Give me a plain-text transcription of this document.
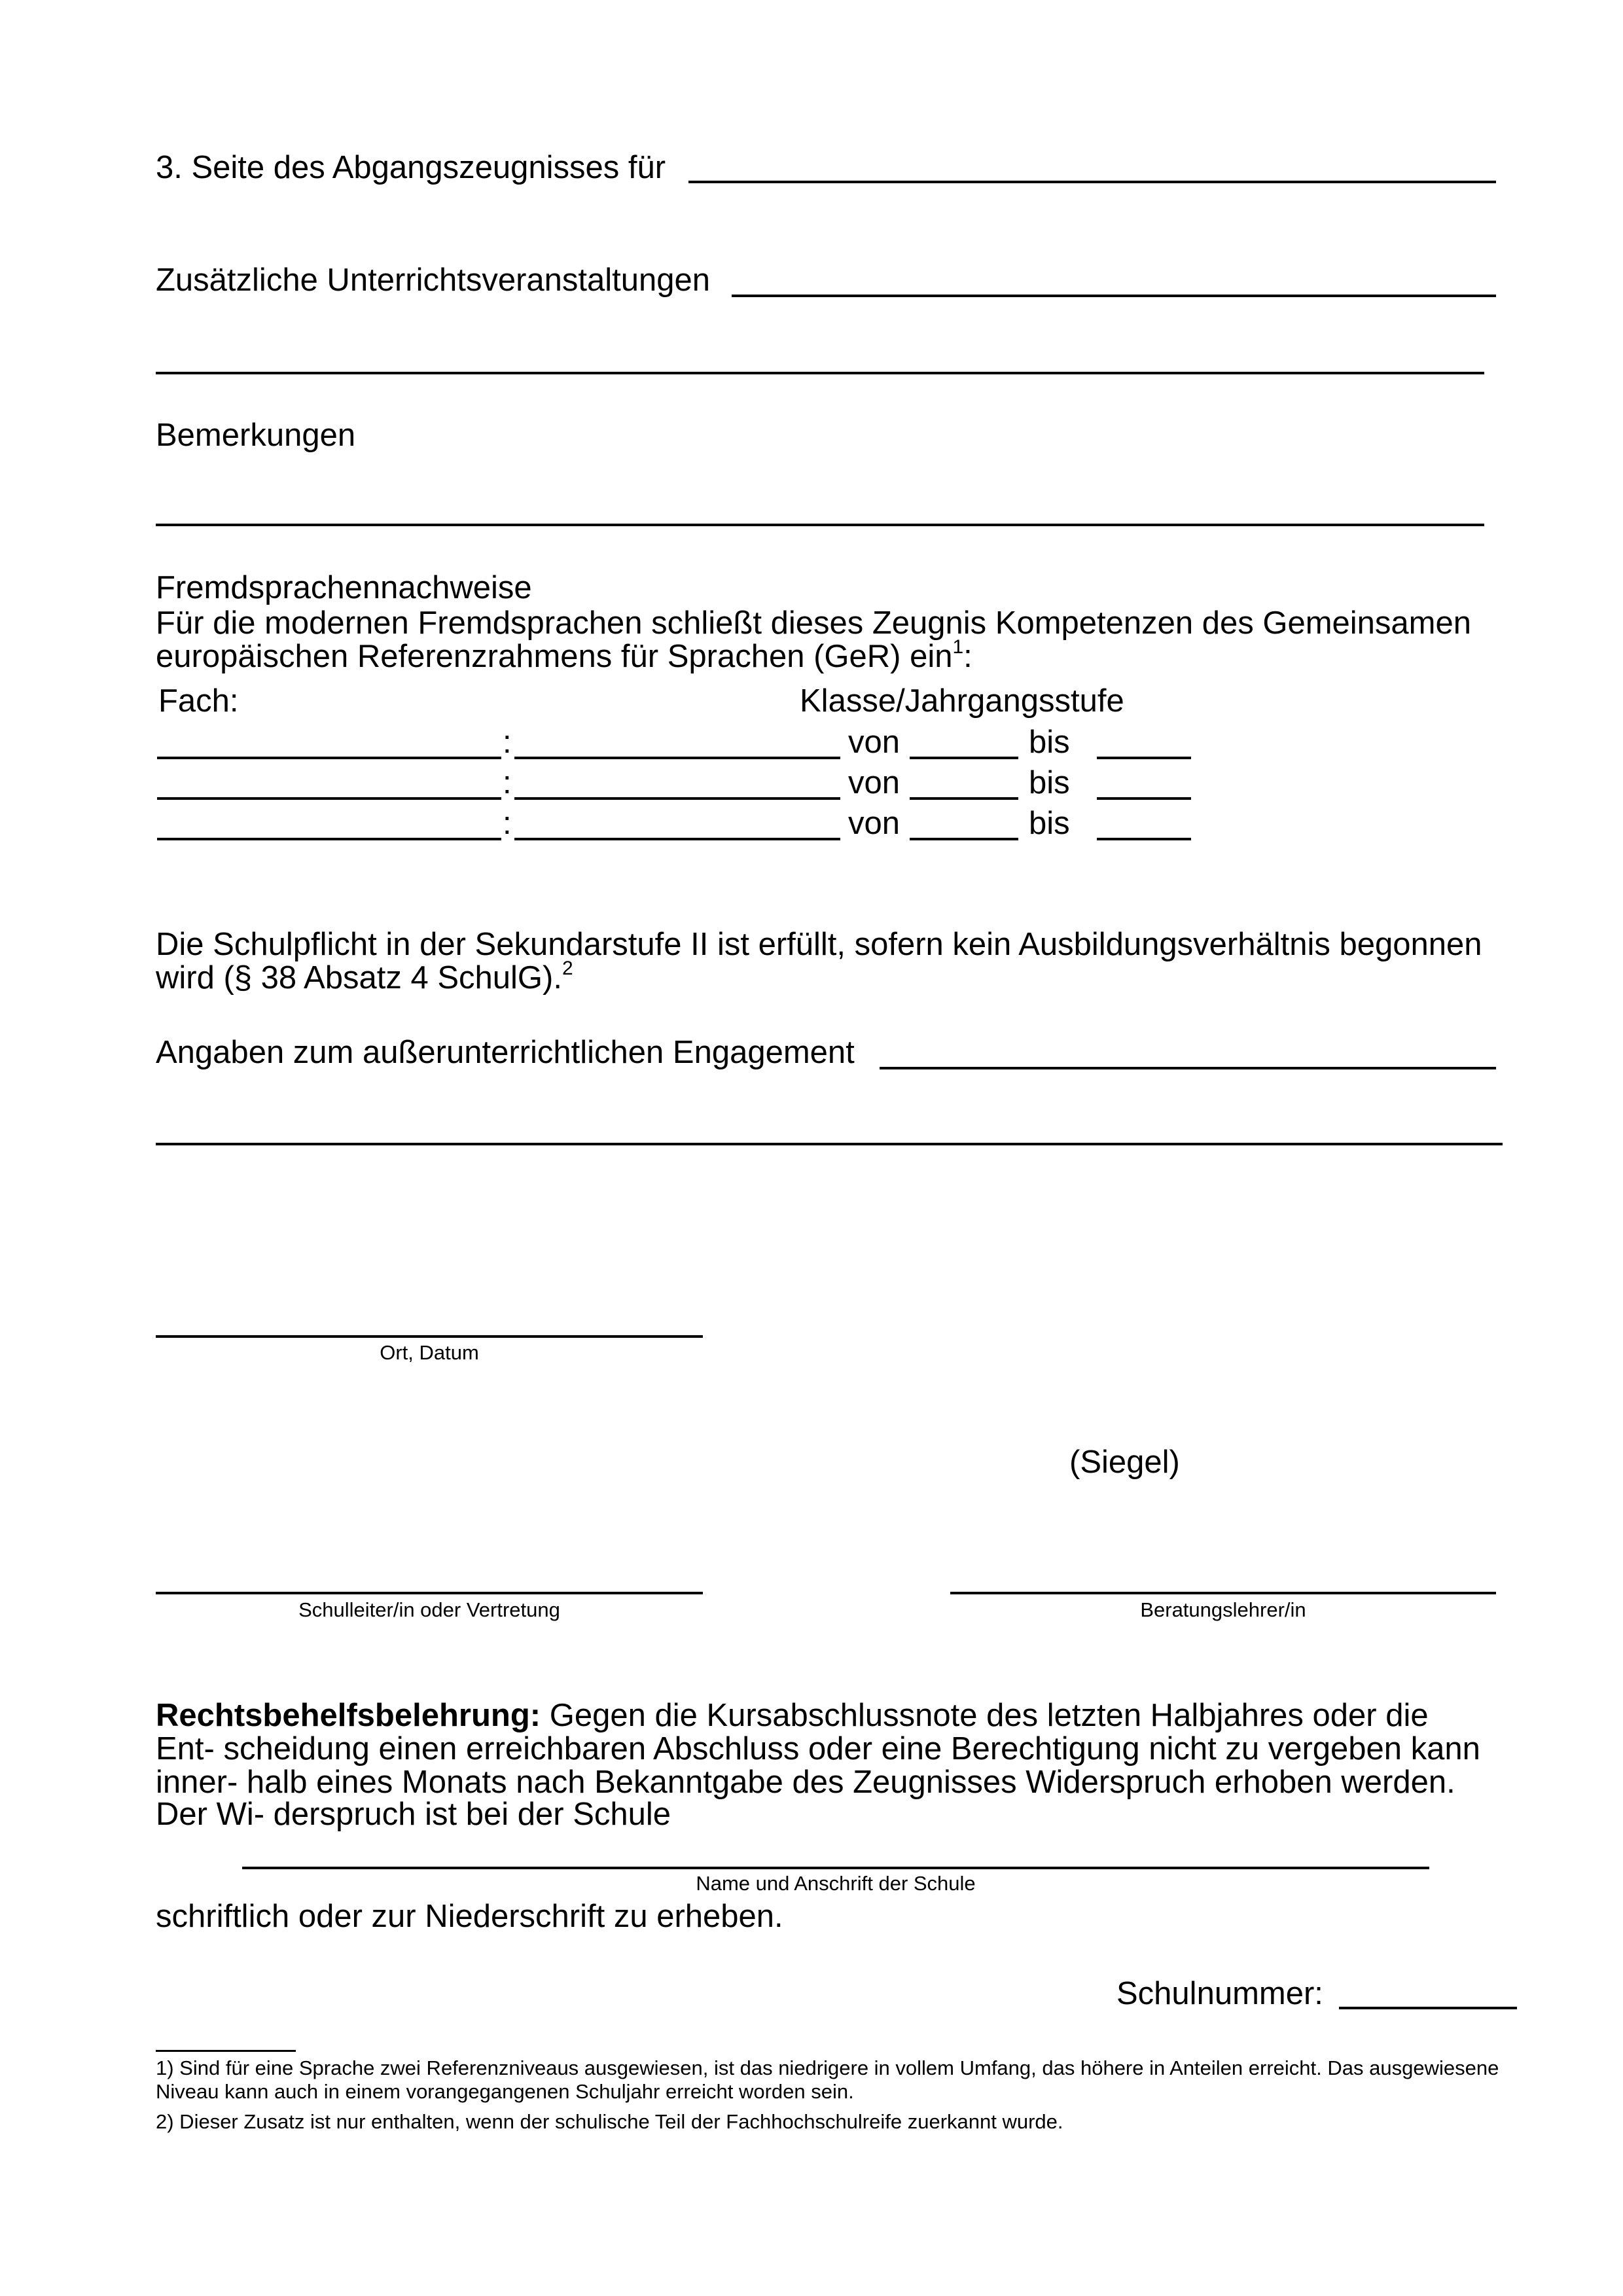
3. Seite des Abgangszeugnisses für
Zusätzliche Unterrichtsveranstaltungen
Bemerkungen
Fremdsprachennachweise
Für die modernen Fremdsprachen schließt dieses Zeugnis Kompetenzen des Gemeinsamen
europäischen Referenzrahmens für Sprachen (GeR) ein$^1$:
Fach:	Klasse/Jahrgangsstufe
:	von	bis
:	von	bis
:	von	bis
Die Schulpflicht in der Sekundarstufe II ist erfüllt, sofern kein Ausbildungsverhältnis begonnen
wird (§ 38 Absatz 4 SchulG).$^2$
Angaben zum außerunterrichtlichen Engagement
Ort, Datum
(Siegel)
Schulleiter/in oder Vertretung	Beratungslehrer/in
Rechtsbehelfsbelehrung: Gegen die Kursabschlussnote des letzten Halbjahres oder die
Ent- scheidung einen erreichbaren Abschluss oder eine Berechtigung nicht zu vergeben kann
inner- halb eines Monats nach Bekanntgabe des Zeugnisses Widerspruch erhoben werden.
Der Wi- derspruch ist bei der Schule
Name und Anschrift der Schule
schriftlich oder zur Niederschrift zu erheben.
Schulnummer:
1) Sind für eine Sprache zwei Referenzniveaus ausgewiesen, ist das niedrigere in vollem Umfang, das höhere in Anteilen erreicht. Das ausgewiesene
Niveau kann auch in einem vorangegangenen Schuljahr erreicht worden sein.
2) Dieser Zusatz ist nur enthalten, wenn der schulische Teil der Fachhochschulreife zuerkannt wurde.
